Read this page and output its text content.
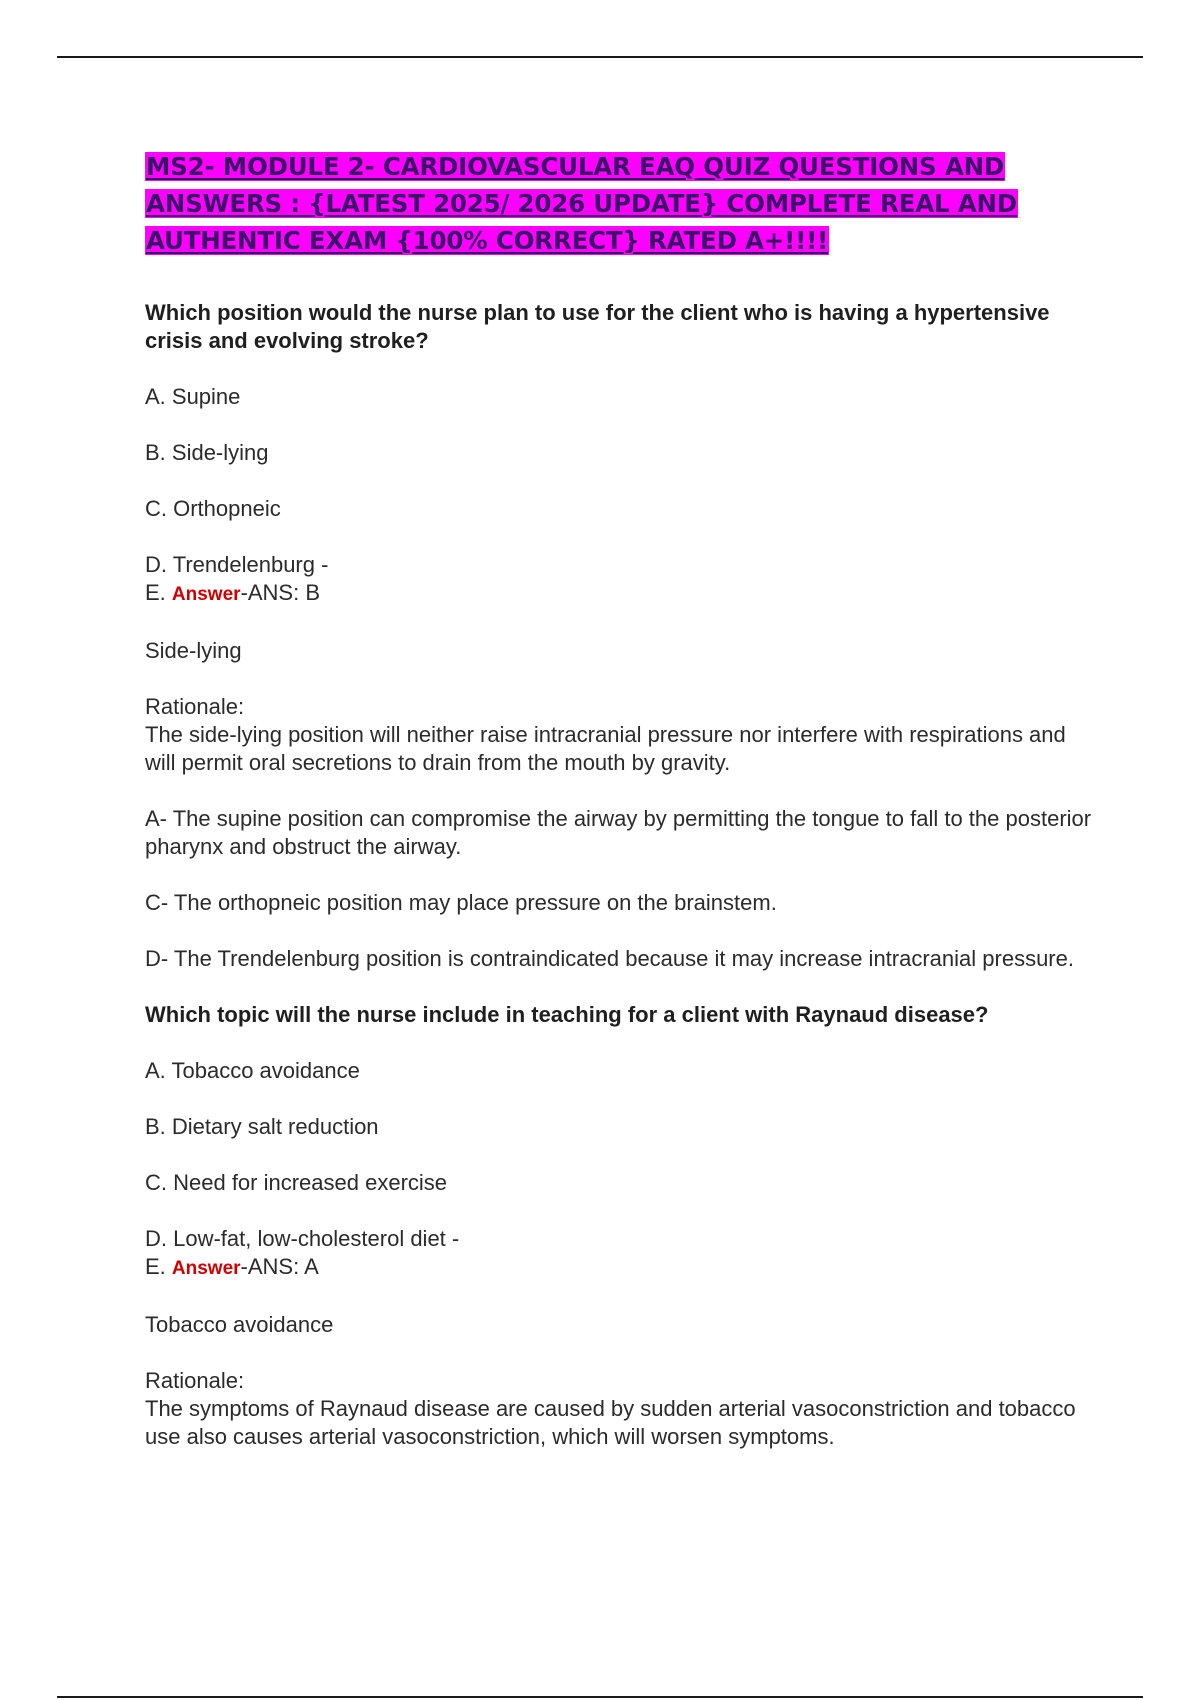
MS2- MODULE 2- CARDIOVASCULAR EAQ QUIZ QUESTIONS AND ANSWERS : {LATEST 2025/ 2026 UPDATE} COMPLETE REAL AND AUTHENTIC EXAM {100% CORRECT} RATED A+!!!!

Which position would the nurse plan to use for the client who is having a hypertensive crisis and evolving stroke?

A. Supine

B. Side-lying

C. Orthopneic

D. Trendelenburg -

E. Answer-ANS: B

Side-lying

Rationale:

The side-lying position will neither raise intracranial pressure nor interfere with respirations and will permit oral secretions to drain from the mouth by gravity.

A- The supine position can compromise the airway by permitting the tongue to fall to the posterior pharynx and obstruct the airway.

C- The orthopneic position may place pressure on the brainstem.

D- The Trendelenburg position is contraindicated because it may increase intracranial pressure.

Which topic will the nurse include in teaching for a client with Raynaud disease?

A. Tobacco avoidance

B. Dietary salt reduction

C. Need for increased exercise

D. Low-fat, low-cholesterol diet -

E. Answer-ANS: A

Tobacco avoidance

Rationale:

The symptoms of Raynaud disease are caused by sudden arterial vasoconstriction and tobacco use also causes arterial vasoconstriction, which will worsen symptoms.
